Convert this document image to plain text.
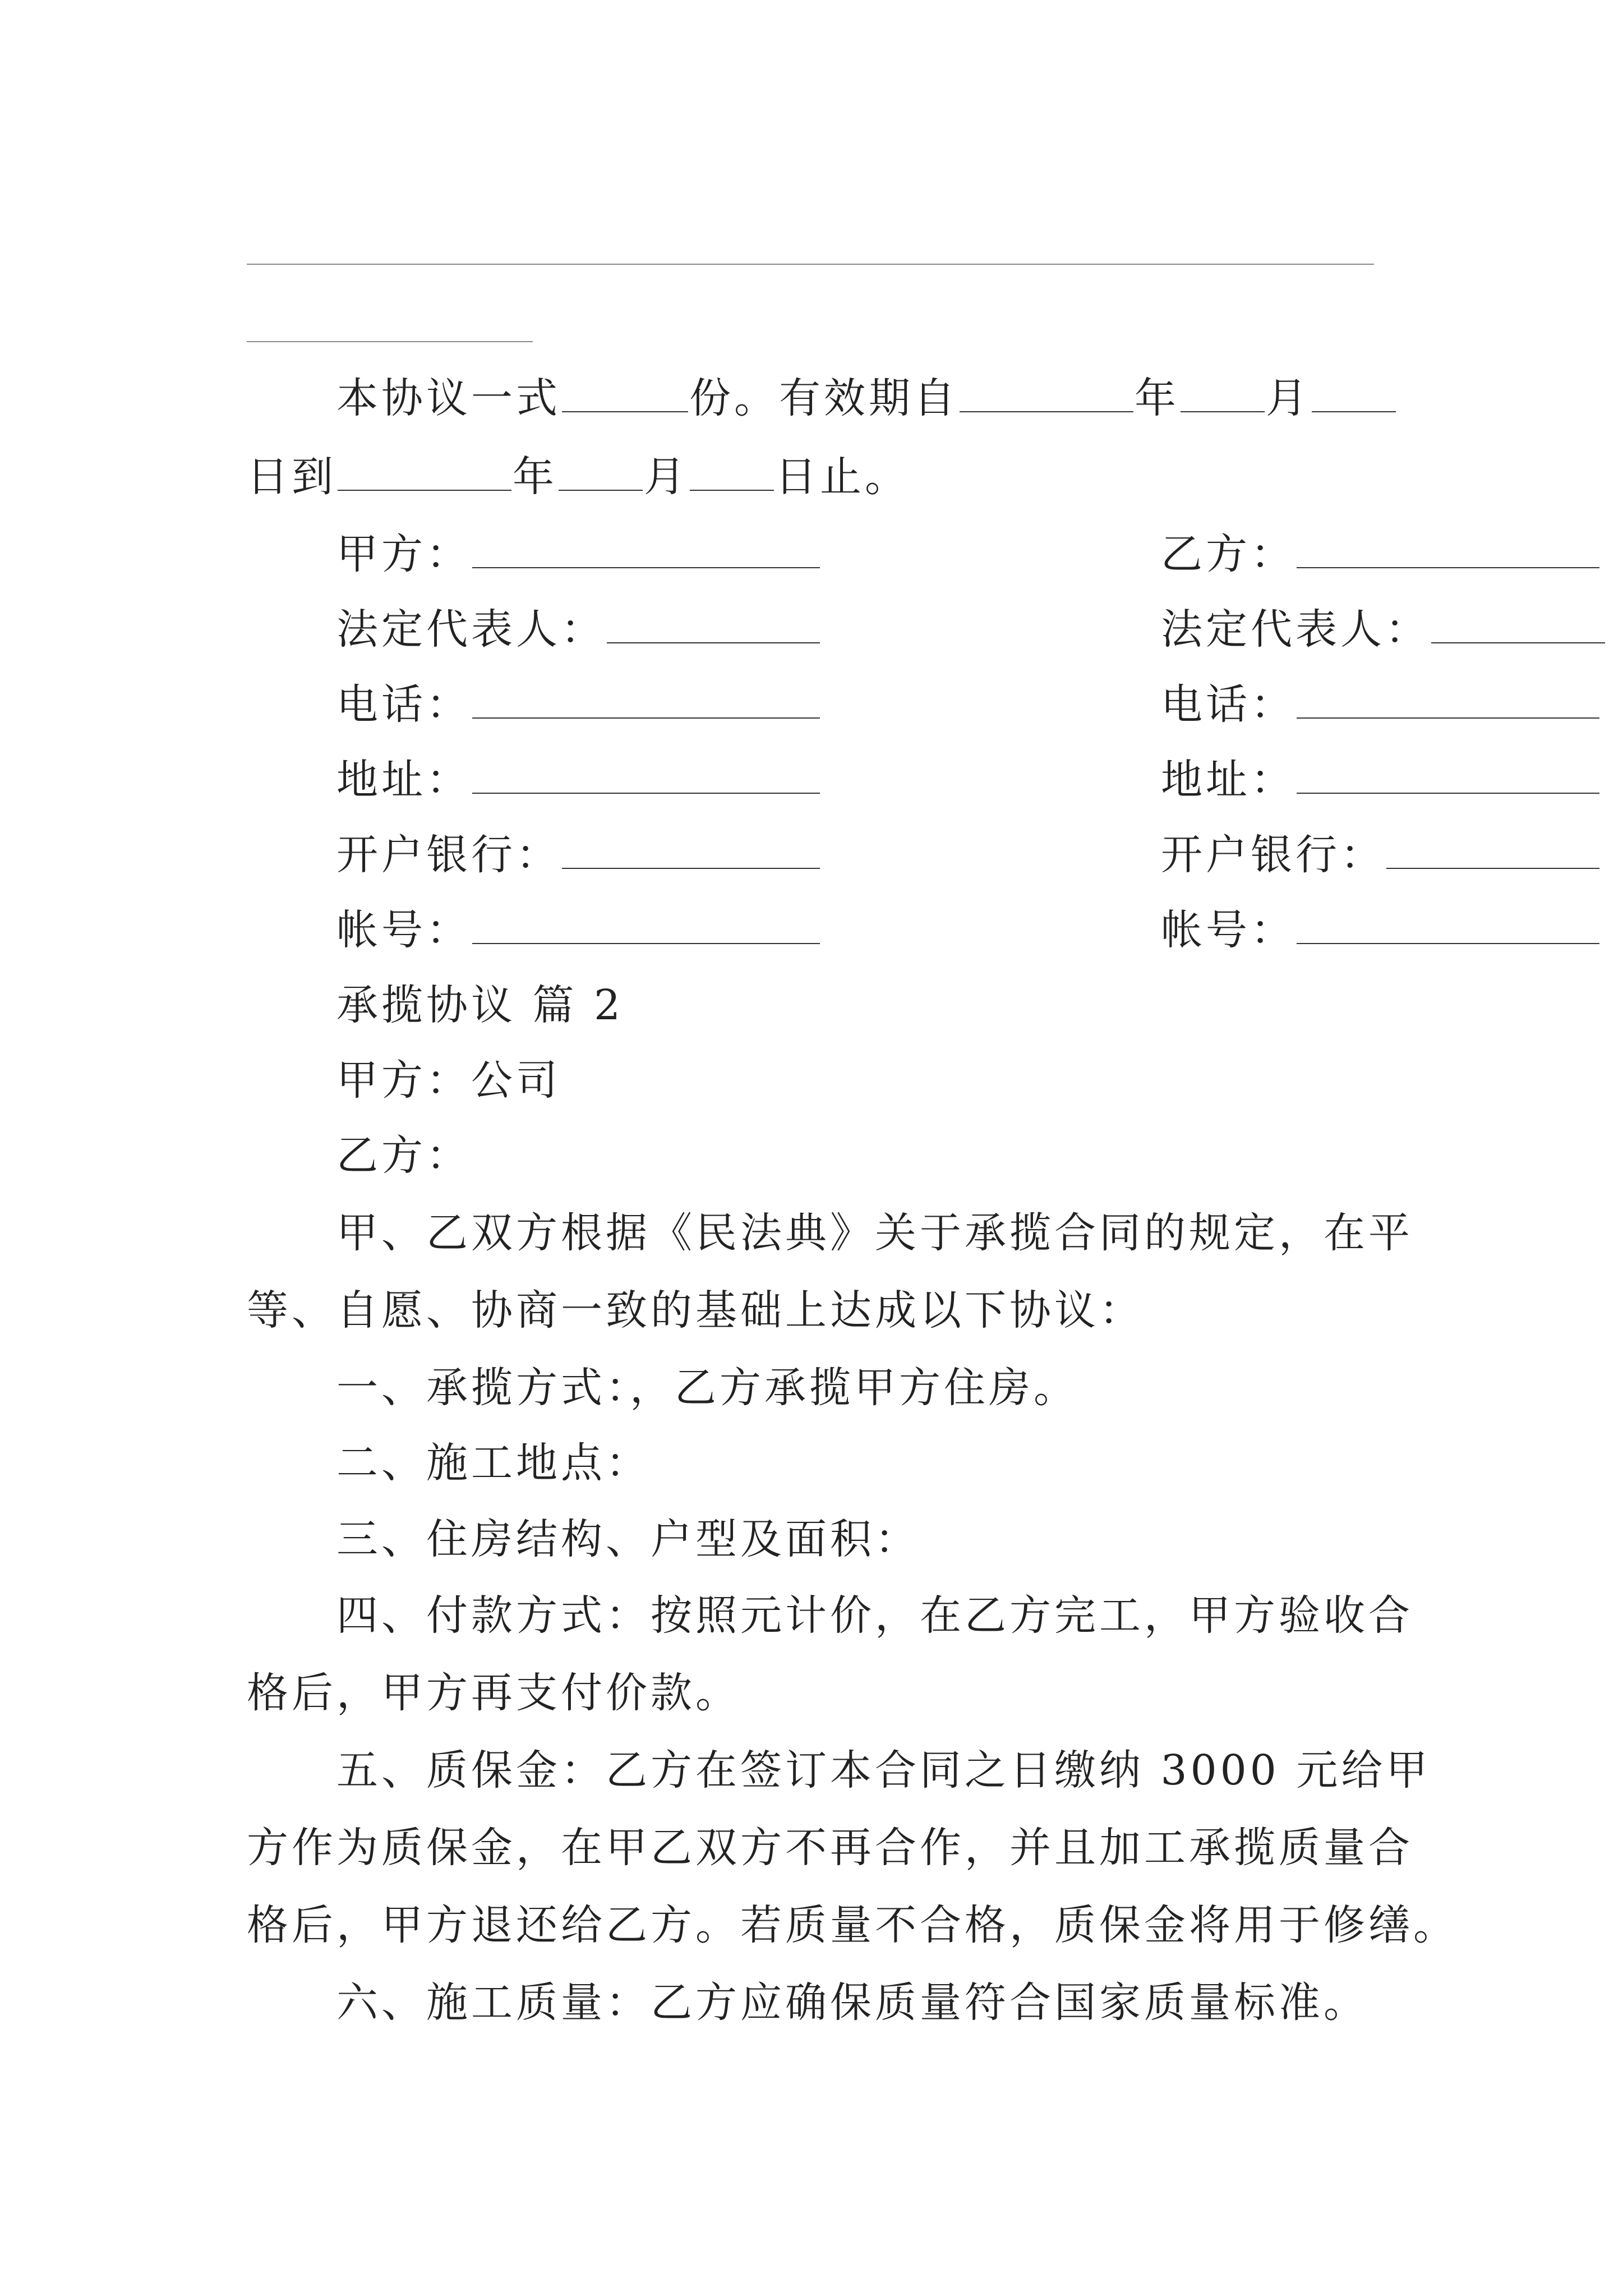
本协议一式	份。有效期自	年 月
日到	年 月 日止。
甲方：	乙方：
法定代表人：	法定代表人：
电话：	电话：
地址：	地址：
开户银行：	开户银行：
帐号：	帐号：
承揽协议 篇 2
甲方：公司
乙方：
甲、乙双方根据《民法典》关于承揽合同的规定，在平
等、自愿、协商一致的基础上达成以下协议：
一、承揽方式：，乙方承揽甲方住房。
二、施工地点：
三、住房结构、户型及面积：
四、付款方式：按照元计价，在乙方完工，甲方验收合
格后，甲方再支付价款。
五、质保金：乙方在签订本合同之日缴纳 3000 元给甲
方作为质保金，在甲乙双方不再合作，并且加工承揽质量合
格后，甲方退还给乙方。若质量不合格，质保金将用于修缮。
六、施工质量：乙方应确保质量符合国家质量标准。
